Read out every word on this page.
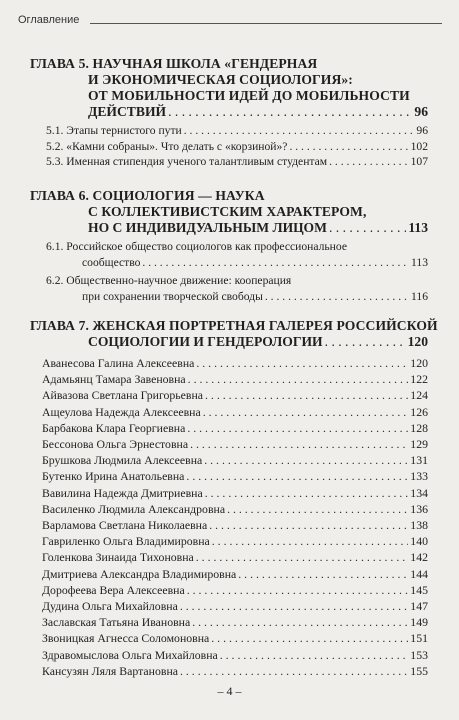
Оглавление
ГЛАВА 5. НАУЧНАЯ ШКОЛА «ГЕНДЕРНАЯ
И ЭКОНОМИЧЕСКАЯ СОЦИОЛОГИЯ»:
ОТ МОБИЛЬНОСТИ ИДЕЙ ДО МОБИЛЬНОСТИ
ДЕЙСТВИЙ . . .	96
5.1. Этапы тернистого пути . . .	96
5.2. «Камни собраны». Что делать с «корзиной»? . . .	102
5.3. Именная стипендия ученого талантливым студентам . . .	107
ГЛАВА 6. СОЦИОЛОГИЯ — НАУКА
С КОЛЛЕКТИВИСТСКИМ ХАРАКТЕРОМ,
НО С ИНДИВИДУАЛЬНЫМ ЛИЦОМ . . .	113
6.1. Российское общество социологов как профессиональное
сообщество . . .	113
6.2. Общественно-научное движение: кооперация
при сохранении творческой свободы . . .	116
ГЛАВА 7. ЖЕНСКАЯ ПОРТРЕТНАЯ ГАЛЕРЕЯ РОССИЙСКОЙ
СОЦИОЛОГИИ И ГЕНДЕРОЛОГИИ . . .	120
Аванесова Галина Алексеевна . . .	120
Адамьянц Тамара Завеновна . . .	122
Айвазова Светлана Григорьевна . . .	124
Ащеулова Надежда Алексеевна . . .	126
Барбакова Клара Георгиевна . . .	128
Бессонова Ольга Эрнестовна . . .	129
Брушкова Людмила Алексеевна . . .	131
Бутенко Ирина Анатольевна . . .	133
Вавилина Надежда Дмитриевна . . .	134
Василенко Людмила Александровна . . .	136
Варламова Светлана Николаевна . . .	138
Гавриленко Ольга Владимировна . . .	140
Голенкова Зинаида Тихоновна . . .	142
Дмитриева Александра Владимировна . . .	144
Дорофеева Вера Алексеевна . . .	145
Дудина Ольга Михайловна . . .	147
Заславская Татьяна Ивановна . . .	149
Звоницкая Агнесса Соломоновна . . .	151
Здравомыслова Ольга Михайловна . . .	153
Кансузян Ляля Вартановна . . .	155
– 4 –
